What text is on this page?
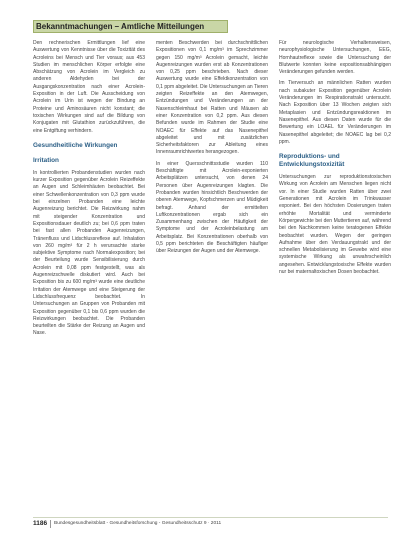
Bekanntmachungen – Amtliche Mitteilungen

Den rechnerischen Ermittlungen lief eine Auswertung von Kenntnisse über die Toxizität des Acroleins bei Mensch und Tier voraus; aus 453 Studien im menschlichen Körper erfolgte eine Abschätzung von Acrolein im Vergleich zu anderen Aldehyden bei der Ausgangskonzentration nach einer Acrolein-Exposition in der Luft. Die Ausscheidung von Acrolein im Urin ist wegen der Bindung an Proteine und Aminosäuren nicht konstant; die toxischen Wirkungen sind auf die Bildung von Konjugaten mit Glutathion zurückzuführen, die eine Entgiftung verhindern.

Gesundheitliche Wirkungen
Irritation

In kontrollierten Probandenstudien wurden nach kurzer Exposition gegenüber Acrolein Reizeffekte an Augen und Schleimhäuten beobachtet. Bei einer Schwellenkonzentration von 0,3 ppm wurde bei einzelnen Probanden eine leichte Augenreizung berichtet. Die Reizwirkung nahm mit steigender Konzentration und Expositionsdauer deutlich zu; bei 0,6 ppm traten bei fast allen Probanden Augenreizungen, Tränenfluss und Lidschlussreflexe auf. Inhalation von 260 mg/m³ für 2 h verursachte starke subjektive Symptome nach Normalexposition; bei der Beurteilung wurde Sensibilisierung durch Acrolein mit 0,08 ppm festgestellt, was als Augenreizschwelle diskutiert wird. Auch bei Exposition bis zu 600 mg/m³ wurde eine deutliche Irritation der Atemwege und eine Steigerung der Lidschlussfrequenz beobachtet. In Untersuchungen an Gruppen von Probanden mit Exposition gegenüber 0,1 bis 0,6 ppm wurden die Reizwirkungen beobachtet. Die Probanden beurteilten die Stärke der Reizung an Augen und Nase.

menten Beschwerden bei durchschnittlichen Expositionen von 0,1 mg/m³ im Sprechzimmer gegen 150 mg/m³ Acrolein gemacht, leichte Augenreizungen wurden erst ab Konzentrationen von 0,25 ppm beschrieben. Nach dieser Auswertung wurde eine Effektkonzentration von 0,1 ppm abgeleitet. Die Untersuchungen an Tieren zeigten Reizeffekte an den Atemwegen, Entzündungen und Veränderungen an der Nasenschleimhaut bei Ratten und Mäusen ab einer Konzentration von 0,2 ppm. Aus diesen Befunden wurde im Rahmen der Studie eine NOAEC für Effekte auf das Nasenepithel abgeleitet und mit zusätzlichen Sicherheitsfaktoren zur Ableitung eines Innenraumrichtwertes herangezogen.

In einer Quersschnittsstudie wurden 110 Beschäftigte mit Acrolein-exponierten Arbeitsplätzen untersucht, von denen 24 Personen über Augenreizungen klagten. Die Probanden wurden hinsichtlich Beschwerden der oberen Atemwege, Kopfschmerzen und Müdigkeit befragt. Anhand der ermittelten Luftkonzentrationen ergab sich ein Zusammenhang zwischen der Häufigkeit der Symptome und der Acroleinbelastung am Arbeitsplatz. Bei Konzentrationen oberhalb von 0,5 ppm berichteten die Beschäftigten häufiger über Reizungen der Augen und der Atemwege.

Für neurologische Verhaltensweisen, neurophysiologische Untersuchungen, EEG, Hornhautreflexe sowie die Untersuchung der Blutwerte konnten keine expositionsabhängigen Veränderungen gefunden werden.

Im Tierversuch an männlichen Ratten wurden nach subakuter Exposition gegenüber Acrolein Veränderungen im Respirationstrakt untersucht. Nach Exposition über 13 Wochen zeigten sich Metaplasien und Entzündungsreaktionen im Nasenepithel. Aus diesen Daten wurde für die Bewertung ein LOAEL für Veränderungen im Nasenepithel abgeleitet; die NOAEC lag bei 0,2 ppm.

Reproduktions- und Entwicklungstoxizität

Untersuchungen zur reproduktionstoxischen Wirkung von Acrolein am Menschen liegen nicht vor. In einer Studie wurden Ratten über zwei Generationen mit Acrolein im Trinkwasser exponiert. Bei den höchsten Dosierungen traten erhöhte Mortalität und verminderte Körpergewichte bei den Muttertieren auf, während bei den Nachkommen keine teratogenen Effekte beobachtet wurden. Wegen der geringen Aufnahme über den Verdauungstrakt und der schnellen Metabolisierung im Gewebe wird eine systemische Wirkung als unwahrscheinlich angesehen. Entwicklungstoxische Effekte wurden nur bei maternaltoxischen Dosen beobachtet.

1186 Bundesgesundheitsblatt - Gesundheitsforschung - Gesundheitsschutz 9 · 2011
